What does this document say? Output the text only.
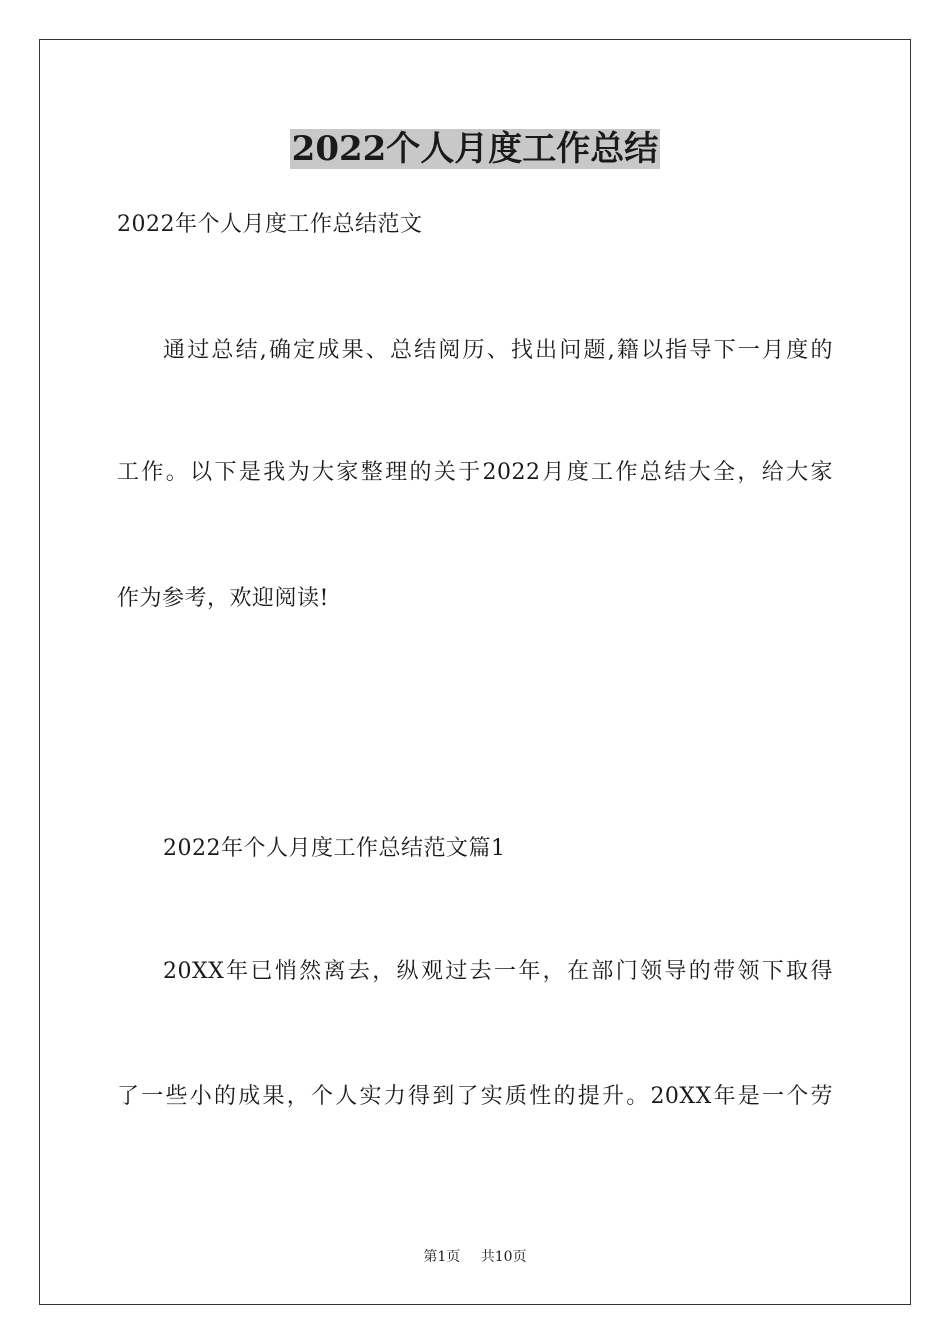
2022个人月度工作总结
2022年个人月度工作总结范文
通过总结,确定成果、总结阅历、找出问题,籍以指导下一月度的
工作。以下是我为大家整理的关于2022月度工作总结大全，给大家
作为参考，欢迎阅读!
2022年个人月度工作总结范文篇1
20XX年已悄然离去，纵观过去一年，在部门领导的带领下取得
了一些小的成果，个人实力得到了实质性的提升。20XX年是一个劳
第1页 共10页
